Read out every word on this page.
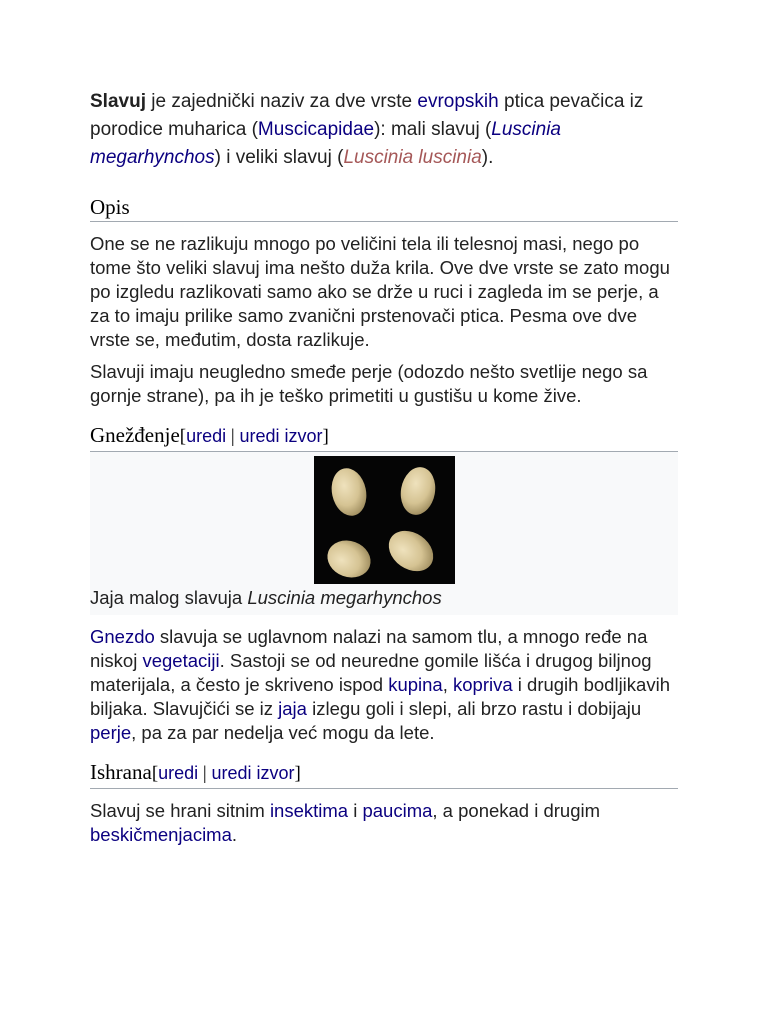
Slavuj je zajednički naziv za dve vrste evropskih ptica pevačica iz porodice muharica (Muscicapidae): mali slavuj (Luscinia megarhynchos) i veliki slavuj (Luscinia luscinia).

Opis

One se ne razlikuju mnogo po veličini tela ili telesnoj masi, nego po tome što veliki slavuj ima nešto duža krila. Ove dve vrste se zato mogu po izgledu razlikovati samo ako se drže u ruci i zagleda im se perje, a za to imaju prilike samo zvanični prstenovači ptica. Pesma ove dve vrste se, međutim, dosta razlikuje.

Slavuji imaju neugledno smeđe perje (odozdo nešto svetlije nego sa gornje strane), pa ih je teško primetiti u gustišu u kome žive.

Gnežđenje[uredi | uredi izvor]
Jaja malog slavuja Luscinia megarhynchos

Gnezdo slavuja se uglavnom nalazi na samom tlu, a mnogo ređe na niskoj vegetaciji. Sastoji se od neuredne gomile lišća i drugog biljnog materijala, a često je skriveno ispod kupina, kopriva i drugih bodljikavih biljaka. Slavujčići se iz jaja izlegu goli i slepi, ali brzo rastu i dobijaju perje, pa za par nedelja već mogu da lete.

Ishrana[uredi | uredi izvor]

Slavuj se hrani sitnim insektima i paucima, a ponekad i drugim beskičmenjacima.
